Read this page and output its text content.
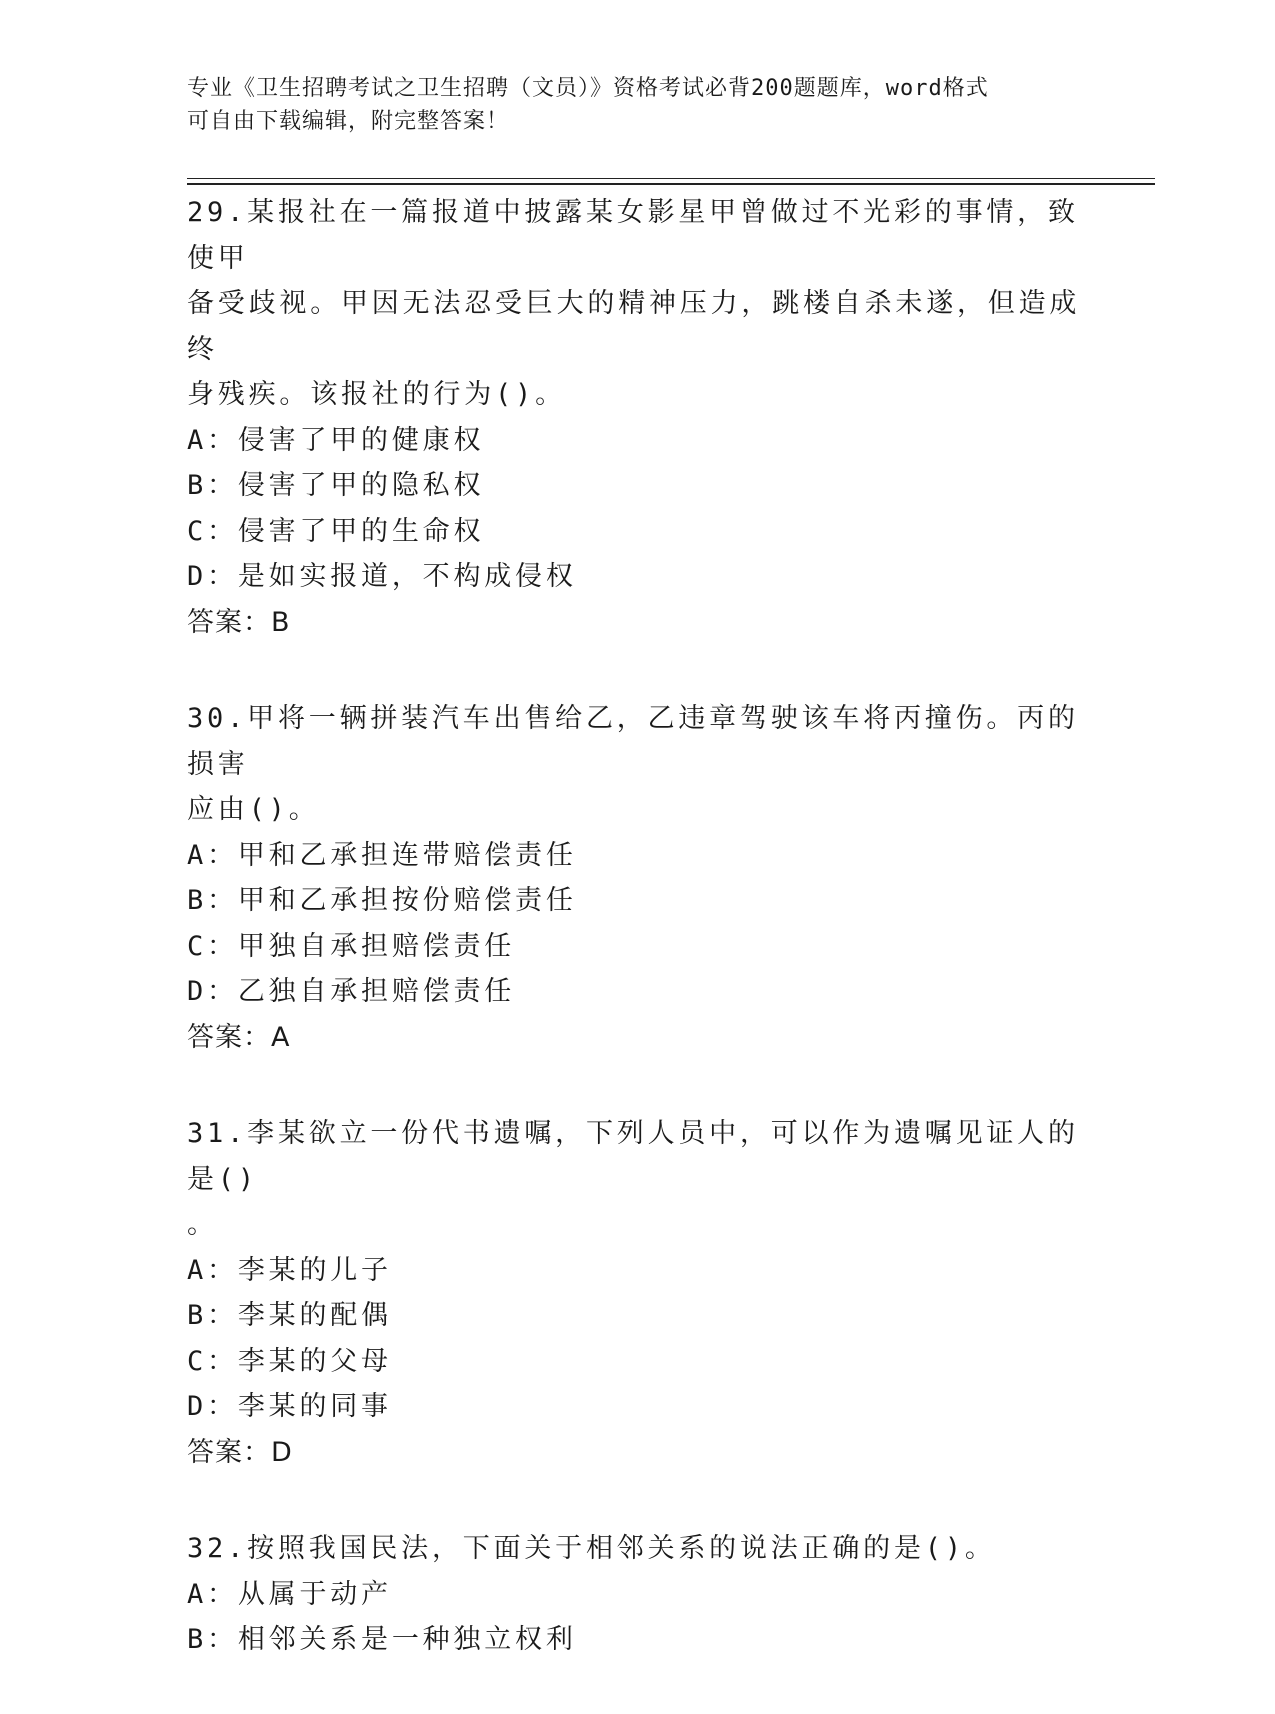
专业《卫生招聘考试之卫生招聘（文员）》资格考试必背200题题库，word格式
可自由下载编辑，附完整答案！
29.某报社在一篇报道中披露某女影星甲曾做过不光彩的事情，致使甲
备受歧视。甲因无法忍受巨大的精神压力，跳楼自杀未遂，但造成终
身残疾。该报社的行为()。
A：侵害了甲的健康权
B：侵害了甲的隐私权
C：侵害了甲的生命权
D：是如实报道，不构成侵权
答案：B
30.甲将一辆拼装汽车出售给乙，乙违章驾驶该车将丙撞伤。丙的损害
应由()。
A：甲和乙承担连带赔偿责任
B：甲和乙承担按份赔偿责任
C：甲独自承担赔偿责任
D：乙独自承担赔偿责任
答案：A
31.李某欲立一份代书遗嘱，下列人员中，可以作为遗嘱见证人的是()
。
A：李某的儿子
B：李某的配偶
C：李某的父母
D：李某的同事
答案：D
32.按照我国民法，下面关于相邻关系的说法正确的是()。
A：从属于动产
B：相邻关系是一种独立权利
